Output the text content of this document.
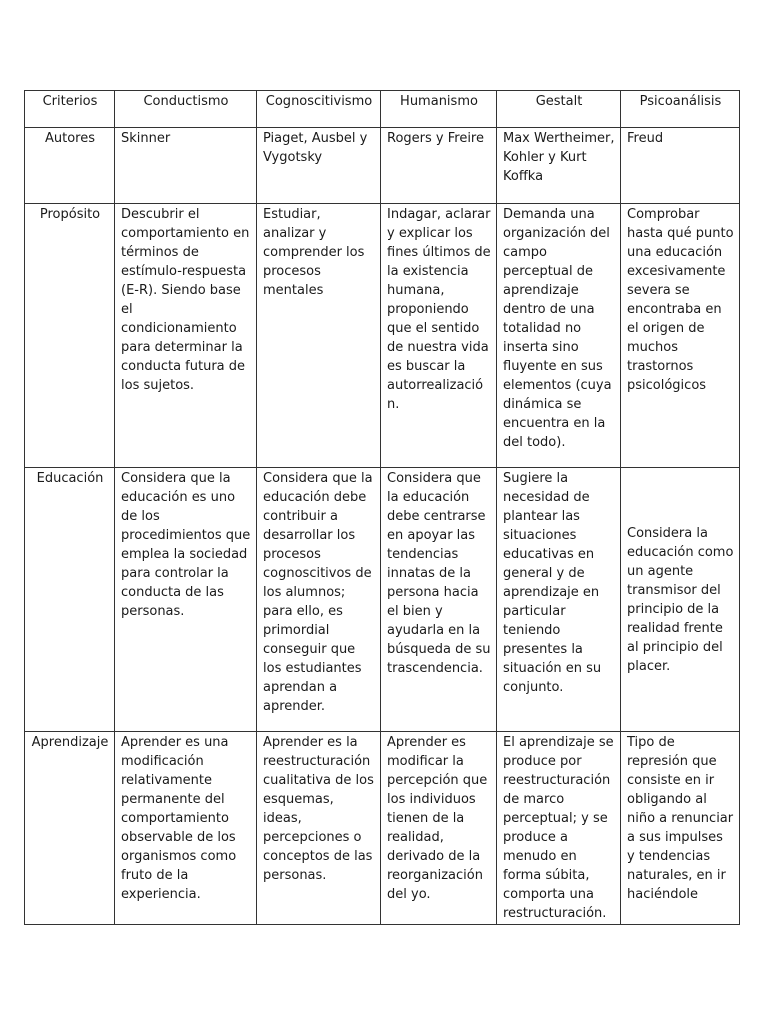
Criterios	Conductismo	Cognoscitivismo	Humanismo	Gestalt	Psicoanálisis
Autores	Skinner	Piaget, Ausbel y Vygotsky	Rogers y Freire	Max Wertheimer, Kohler y Kurt Koffka	Freud
Propósito	Descubrir el comportamiento en términos de estímulo-respuesta (E-R). Siendo base el condicionamiento para determinar la conducta futura de los sujetos.	Estudiar, analizar y comprender los procesos mentales	Indagar, aclarar y explicar los fines últimos de la existencia humana, proponiendo que el sentido de nuestra vida es buscar la autorrealización.	Demanda una organización del campo perceptual de aprendizaje dentro de una totalidad no inserta sino fluyente en sus elementos (cuya dinámica se encuentra en la del todo).	Comprobar hasta qué punto una educación excesivamente severa se encontraba en el origen de muchos trastornos psicológicos
Educación	Considera que la educación es uno de los procedimientos que emplea la sociedad para controlar la conducta de las personas.	Considera que la educación debe contribuir a desarrollar los procesos cognoscitivos de los alumnos; para ello, es primordial conseguir que los estudiantes aprendan a aprender.	Considera que la educación debe centrarse en apoyar las tendencias innatas de la persona hacia el bien y ayudarla en la búsqueda de su trascendencia.	Sugiere la necesidad de plantear las situaciones educativas en general y de aprendizaje en particular teniendo presentes la situación en su conjunto.	Considera la educación como un agente transmisor del principio de la realidad frente al principio del placer.
Aprendizaje	Aprender es una modificación relativamente permanente del comportamiento observable de los organismos como fruto de la experiencia.	Aprender es la reestructuración cualitativa de los esquemas, ideas, percepciones o conceptos de las personas.	Aprender es modificar la percepción que los individuos tienen de la realidad, derivado de la reorganización del yo.	El aprendizaje se produce por reestructuración de marco perceptual; y se produce a menudo en forma súbita, comporta una restructuración.	Tipo de represión que consiste en ir obligando al niño a renunciar a sus impulses y tendencias naturales, en ir haciéndole
